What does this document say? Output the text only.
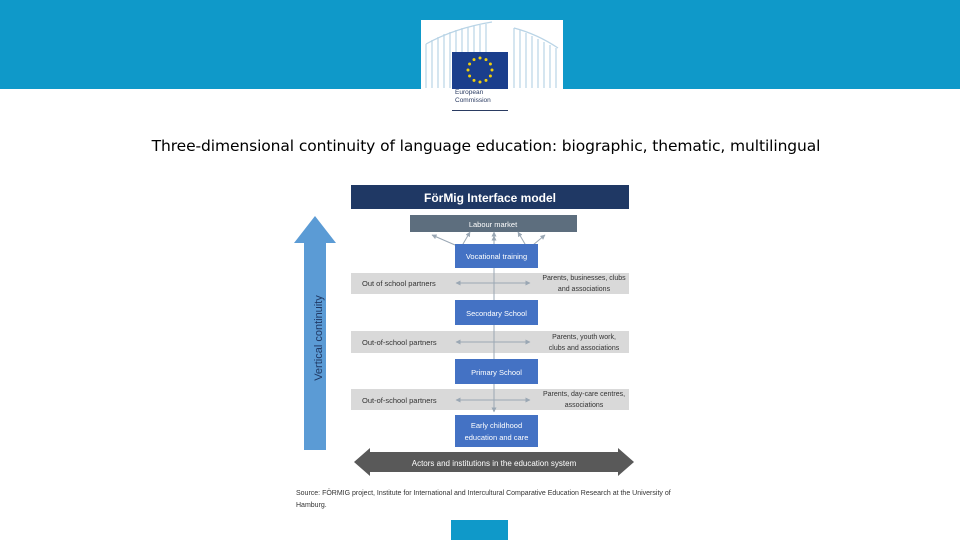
European
Commission
Three-dimensional continuity of language education: biographic, thematic, multilingual
FörMig Interface model
Labour market
Vocational training
Secondary School
Primary School
Early childhood
education and care
Out of school partners
Parents, businesses, clubs
and associations
Out-of-school partners
Parents, youth work,
clubs and associations
Out-of-school partners
Parents, day-care centres,
associations
Vertical continuity
Actors and institutions in the education system
Source: FÖRMIG project, Institute for International and Intercultural Comparative Education Research at the University of Hamburg.
